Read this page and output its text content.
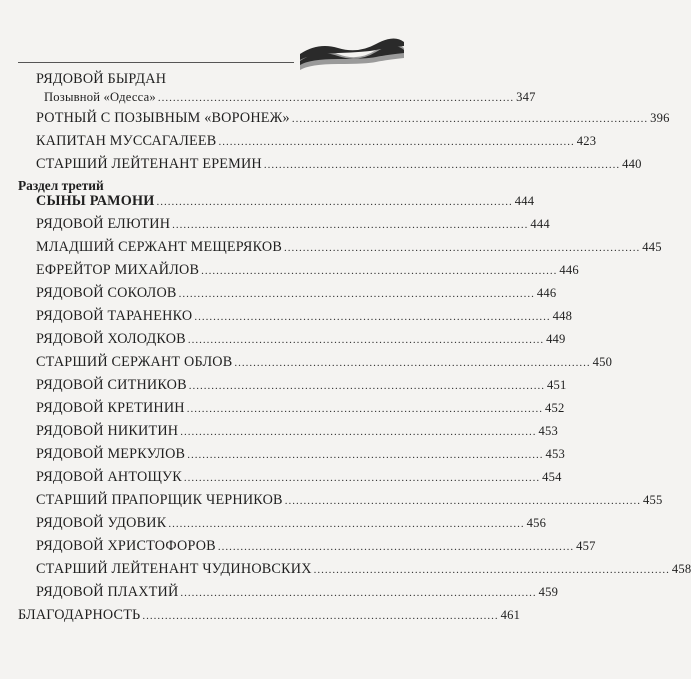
РЯДОВОЙ БЫРДАН
Позывной «Одесса» ............................................................................................... 347
РОТНЫЙ С ПОЗЫВНЫМ «ВОРОНЕЖ» ............................................................................................... 396
КАПИТАН МУССАГАЛЕЕВ ............................................................................................... 423
СТАРШИЙ ЛЕЙТЕНАНТ ЕРЕМИН ............................................................................................... 440
Раздел третий
СЫНЫ РАМОНИ ............................................................................................... 444
РЯДОВОЙ ЕЛЮТИН ............................................................................................... 444
МЛАДШИЙ СЕРЖАНТ МЕЩЕРЯКОВ ............................................................................................... 445
ЕФРЕЙТОР МИХАЙЛОВ ............................................................................................... 446
РЯДОВОЙ СОКОЛОВ ............................................................................................... 446
РЯДОВОЙ ТАРАНЕНКО ............................................................................................... 448
РЯДОВОЙ ХОЛОДКОВ ............................................................................................... 449
СТАРШИЙ СЕРЖАНТ ОБЛОВ ............................................................................................... 450
РЯДОВОЙ СИТНИКОВ ............................................................................................... 451
РЯДОВОЙ КРЕТИНИН ............................................................................................... 452
РЯДОВОЙ НИКИТИН ............................................................................................... 453
РЯДОВОЙ МЕРКУЛОВ ............................................................................................... 453
РЯДОВОЙ АНТОЩУК ............................................................................................... 454
СТАРШИЙ ПРАПОРЩИК ЧЕРНИКОВ ............................................................................................... 455
РЯДОВОЙ УДОВИК ............................................................................................... 456
РЯДОВОЙ ХРИСТОФОРОВ ............................................................................................... 457
СТАРШИЙ ЛЕЙТЕНАНТ ЧУДИНОВСКИХ ............................................................................................... 458
РЯДОВОЙ ПЛАХТИЙ ............................................................................................... 459
БЛАГОДАРНОСТЬ ............................................................................................... 461
